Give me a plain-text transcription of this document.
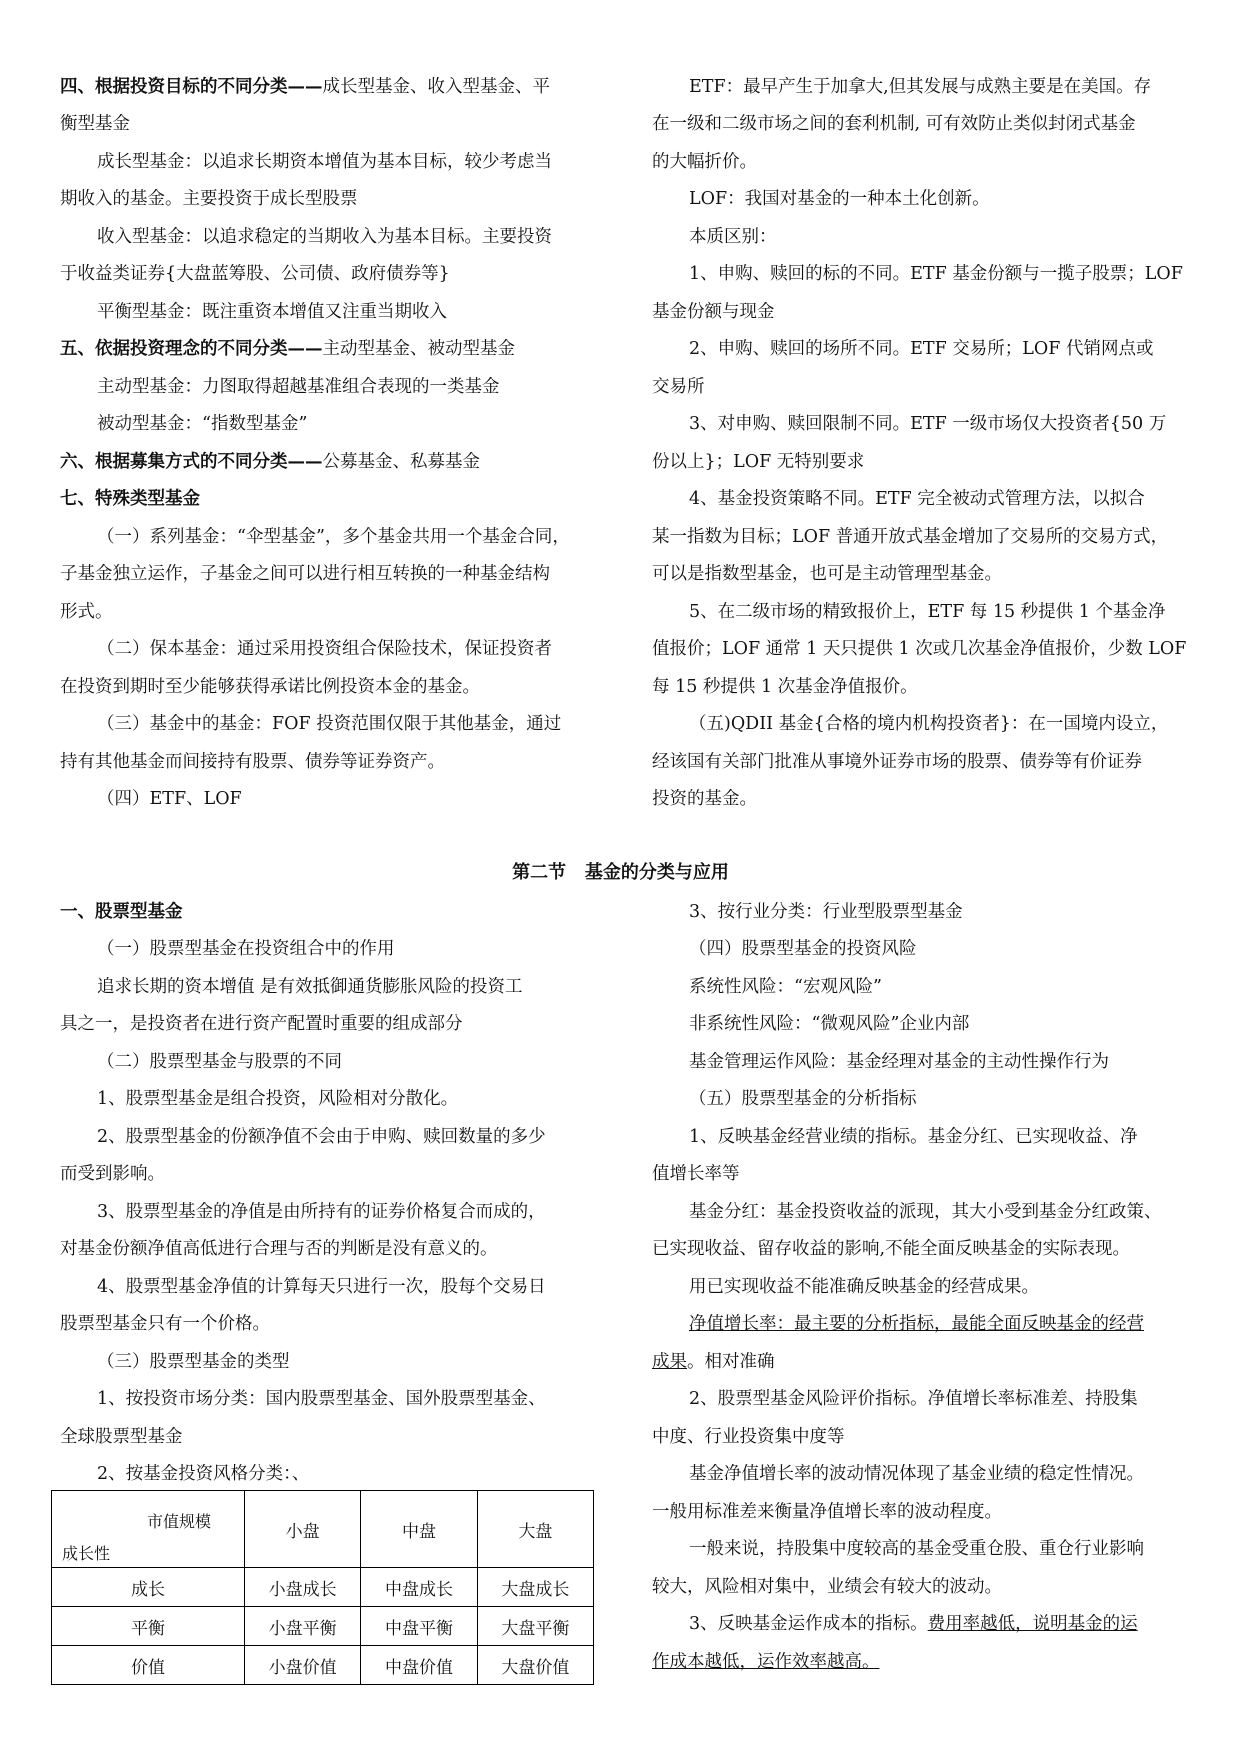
四、根据投资目标的不同分类——成长型基金、收入型基金、平
衡型基金
成长型基金：以追求长期资本增值为基本目标，较少考虑当
期收入的基金。主要投资于成长型股票
收入型基金：以追求稳定的当期收入为基本目标。主要投资
于收益类证券{大盘蓝筹股、公司债、政府债券等}
平衡型基金：既注重资本增值又注重当期收入
五、依据投资理念的不同分类——主动型基金、被动型基金
主动型基金：力图取得超越基准组合表现的一类基金
被动型基金：“指数型基金”
六、根据募集方式的不同分类——公募基金、私募基金
七、特殊类型基金
（一）系列基金：“伞型基金”，多个基金共用一个基金合同，
子基金独立运作，子基金之间可以进行相互转换的一种基金结构
形式。
（二）保本基金：通过采用投资组合保险技术，保证投资者
在投资到期时至少能够获得承诺比例投资本金的基金。
（三）基金中的基金：FOF 投资范围仅限于其他基金，通过
持有其他基金而间接持有股票、债券等证券资产。
（四）ETF、LOF
ETF：最早产生于加拿大,但其发展与成熟主要是在美国。存
在一级和二级市场之间的套利机制, 可有效防止类似封闭式基金
的大幅折价。
LOF：我国对基金的一种本土化创新。
本质区别：
1、申购、赎回的标的不同。ETF 基金份额与一揽子股票；LOF
基金份额与现金
2、申购、赎回的场所不同。ETF 交易所；LOF 代销网点或
交易所
3、对申购、赎回限制不同。ETF 一级市场仅大投资者{50 万
份以上}；LOF 无特别要求
4、基金投资策略不同。ETF 完全被动式管理方法，以拟合
某一指数为目标；LOF 普通开放式基金增加了交易所的交易方式，
可以是指数型基金，也可是主动管理型基金。
5、在二级市场的精致报价上，ETF 每 15 秒提供 1 个基金净
值报价；LOF 通常 1 天只提供 1 次或几次基金净值报价，少数 LOF
每 15 秒提供 1 次基金净值报价。
（五)QDII 基金{合格的境内机构投资者}：在一国境内设立，
经该国有关部门批准从事境外证券市场的股票、债券等有价证券
投资的基金。
第二节   基金的分类与应用
一、股票型基金
（一）股票型基金在投资组合中的作用
追求长期的资本增值 是有效抵御通货膨胀风险的投资工
具之一，是投资者在进行资产配置时重要的组成部分
（二）股票型基金与股票的不同
1、股票型基金是组合投资，风险相对分散化。
2、股票型基金的份额净值不会由于申购、赎回数量的多少
而受到影响。
3、股票型基金的净值是由所持有的证券价格复合而成的，
对基金份额净值高低进行合理与否的判断是没有意义的。
4、股票型基金净值的计算每天只进行一次，股每个交易日
股票型基金只有一个价格。
（三）股票型基金的类型
1、按投资市场分类：国内股票型基金、国外股票型基金、
全球股票型基金
2、按基金投资风格分类：、
市值规模
成长性	小盘	中盘	大盘
成长	小盘成长	中盘成长	大盘成长
平衡	小盘平衡	中盘平衡	大盘平衡
价值	小盘价值	中盘价值	大盘价值
3、按行业分类：行业型股票型基金
（四）股票型基金的投资风险
系统性风险：“宏观风险”
非系统性风险：“微观风险”企业内部
基金管理运作风险：基金经理对基金的主动性操作行为
（五）股票型基金的分析指标
1、反映基金经营业绩的指标。基金分红、已实现收益、净
值增长率等
基金分红：基金投资收益的派现，其大小受到基金分红政策、
已实现收益、留存收益的影响,不能全面反映基金的实际表现。
用已实现收益不能准确反映基金的经营成果。
净值增长率：最主要的分析指标，最能全面反映基金的经营
成果。相对准确
2、股票型基金风险评价指标。净值增长率标准差、持股集
中度、行业投资集中度等
基金净值增长率的波动情况体现了基金业绩的稳定性情况。
一般用标准差来衡量净值增长率的波动程度。
一般来说，持股集中度较高的基金受重仓股、重仓行业影响
较大，风险相对集中，业绩会有较大的波动。
3、反映基金运作成本的指标。费用率越低，说明基金的运
作成本越低，运作效率越高。
